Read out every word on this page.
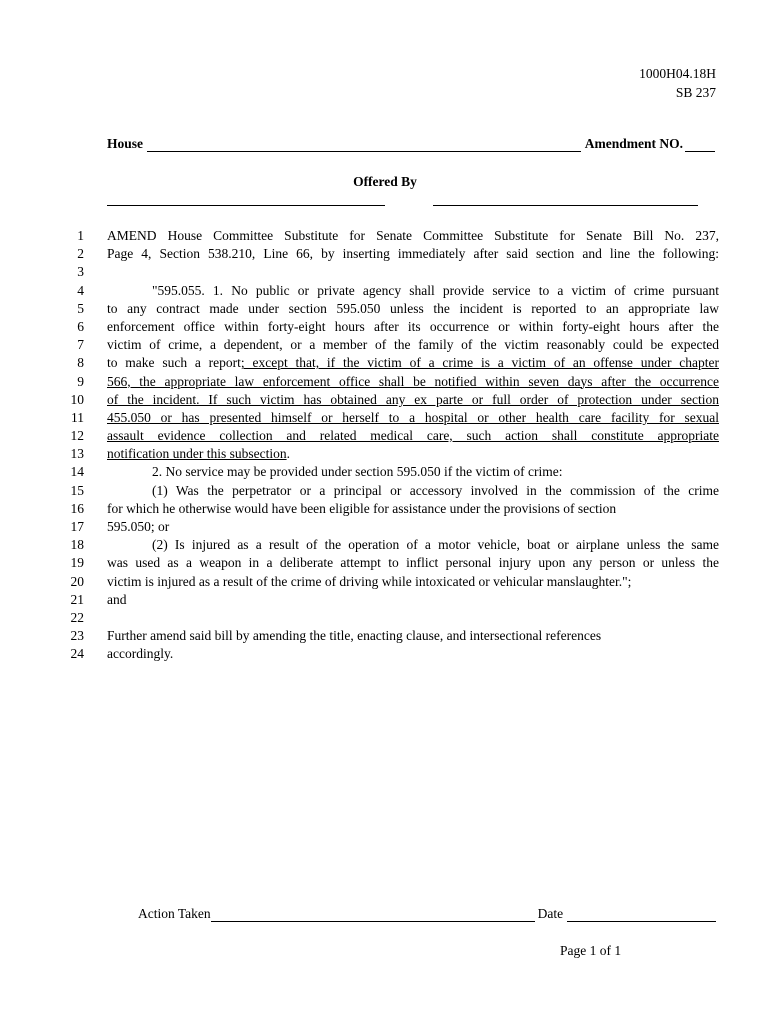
1000H04.18H
SB 237
House	Amendment NO.
Offered By
1 AMEND House Committee Substitute for Senate Committee Substitute for Senate Bill No. 237,
2 Page 4, Section 538.210, Line 66, by inserting immediately after said section and line the following:
3
4	"595.055. 1. No public or private agency shall provide service to a victim of crime pursuant
5 to any contract made under section 595.050 unless the incident is reported to an appropriate law
6 enforcement office within forty-eight hours after its occurrence or within forty-eight hours after the
7 victim of crime, a dependent, or a member of the family of the victim reasonably could be expected
8 to make such a report; except that, if the victim of a crime is a victim of an offense under chapter
9 566, the appropriate law enforcement office shall be notified within seven days after the occurrence
10 of the incident. If such victim has obtained any ex parte or full order of protection under section
11 455.050 or has presented himself or herself to a hospital or other health care facility for sexual
12 assault evidence collection and related medical care, such action shall constitute appropriate
13 notification under this subsection.
14	2. No service may be provided under section 595.050 if the victim of crime:
15	(1) Was the perpetrator or a principal or accessory involved in the commission of the crime
16 for which he otherwise would have been eligible for assistance under the provisions of section
17 595.050; or
18	(2) Is injured as a result of the operation of a motor vehicle, boat or airplane unless the same
19 was used as a weapon in a deliberate attempt to inflict personal injury upon any person or unless the
20 victim is injured as a result of the crime of driving while intoxicated or vehicular manslaughter.";
21 and
22
23 Further amend said bill by amending the title, enacting clause, and intersectional references
24 accordingly.
Action Taken	Date
Page 1 of 1
